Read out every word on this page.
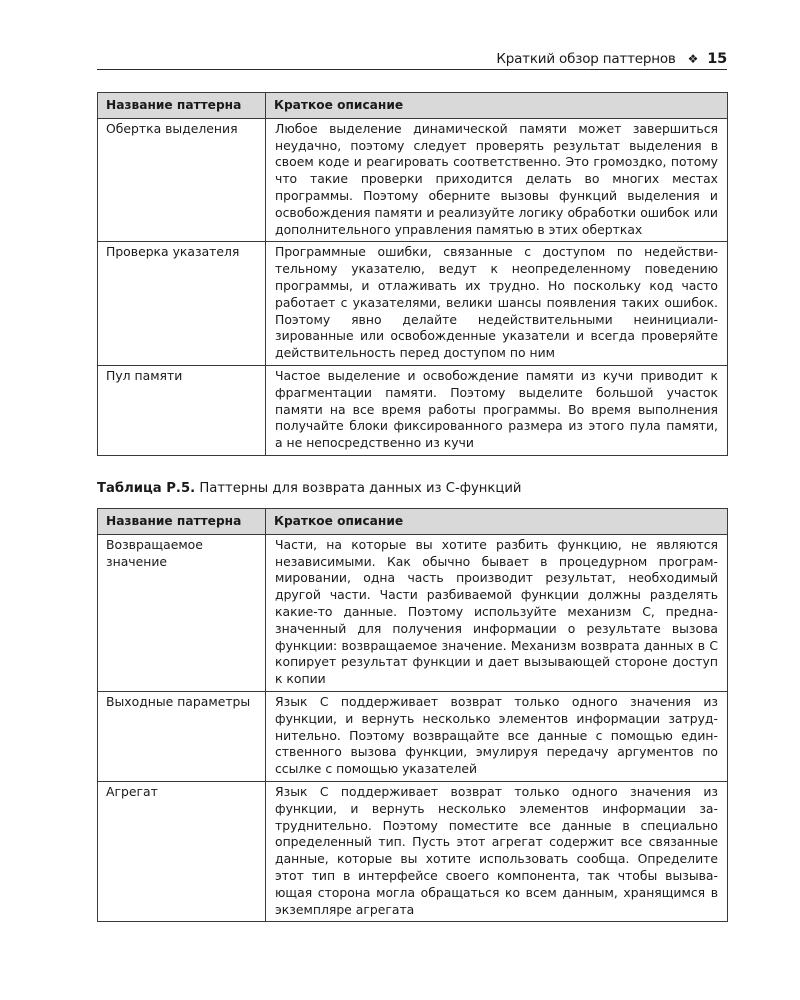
Краткий обзор паттернов ❖ 15
Название паттерна	Краткое описание
Обертка выделения	Любое выделение динамической памяти может завершиться неудачно, поэтому следует проверять результат выделения в своем коде и реагировать соответственно. Это громоздко, потому что такие проверки приходится делать во многих местах программы. Поэтому оберните вызовы функций выделения и освобождения памяти и реализуйте логику обработки ошибок или дополнительного управления памятью в этих обертках
Проверка указателя	Программные ошибки, связанные с доступом по недействительному указателю, ведут к неопределенному поведению программы, и отлаживать их трудно. Но поскольку код часто работает с указателями, велики шансы появления таких ошибок. Поэтому явно делайте недействительными неинициализированные или освобожденные указатели и всегда проверяйте действительность перед доступом по ним
Пул памяти	Частое выделение и освобождение памяти из кучи приводит к фрагментации памяти. Поэтому выделите большой участок памяти на все время работы программы. Во время выполнения получайте блоки фиксированного размера из этого пула памяти, а не непосредственно из кучи
Таблица Р.5. Паттерны для возврата данных из С-функций
Название паттерна	Краткое описание
Возвращаемое значение	Части, на которые вы хотите разбить функцию, не являются независимыми. Как обычно бывает в процедурном программировании, одна часть производит результат, необходимый другой части. Части разбиваемой функции должны разделять какие-то данные. Поэтому используйте механизм С, предназначенный для получения информации о результате вызова функции: возвращаемое значение. Механизм возврата данных в С копирует результат функции и дает вызывающей стороне доступ к копии
Выходные параметры	Язык С поддерживает возврат только одного значения из функции, и вернуть несколько элементов информации затруднительно. Поэтому возвращайте все данные с помощью единственного вызова функции, эмулируя передачу аргументов по ссылке с помощью указателей
Агрегат	Язык С поддерживает возврат только одного значения из функции, и вернуть несколько элементов информации затруднительно. Поэтому поместите все данные в специально определенный тип. Пусть этот агрегат содержит все связанные данные, которые вы хотите использовать сообща. Определите этот тип в интерфейсе своего компонента, так чтобы вызывающая сторона могла обращаться ко всем данным, хранящимся в экземпляре агрегата
